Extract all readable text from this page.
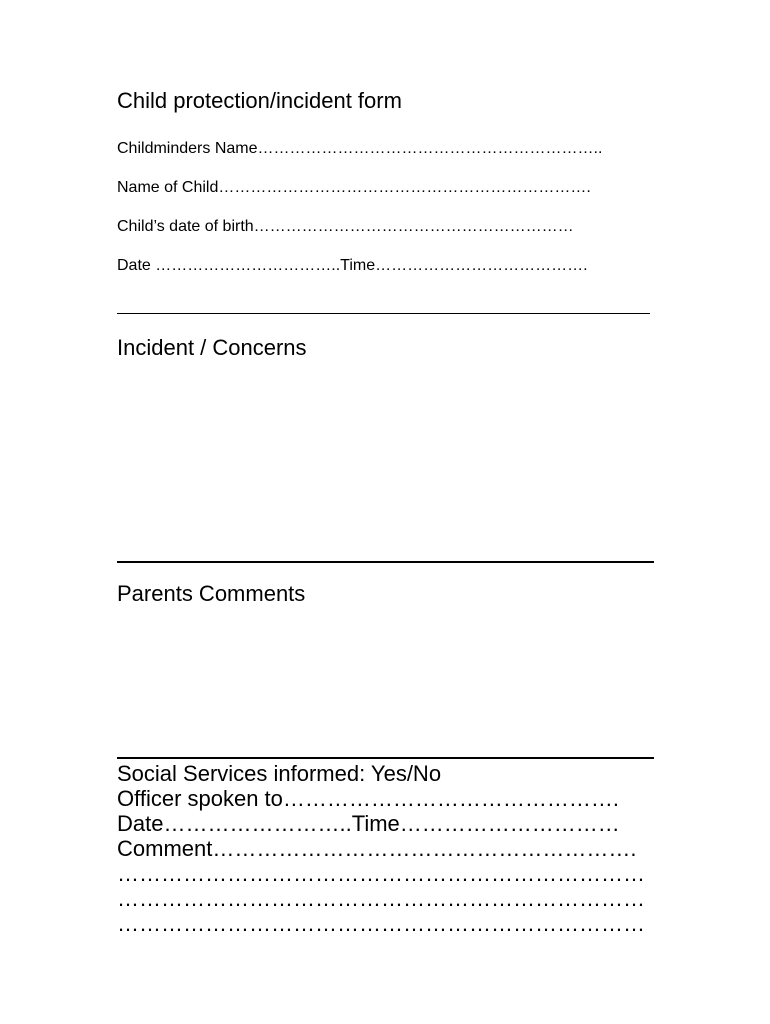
Child protection/incident form
Childminders Name………………………………………………………..
Name of Child…………………………………………………………….
Child’s date of birth……………………………………………………
Date ……………………………..Time………………………………….
Incident / Concerns
Parents Comments
Social Services informed: Yes/No
Officer spoken to……………………………………….
Date……………………..Time…………………………
Comment………………………………………………….
………………………………………………………………
………………………………………………………………
………………………………………………………………
